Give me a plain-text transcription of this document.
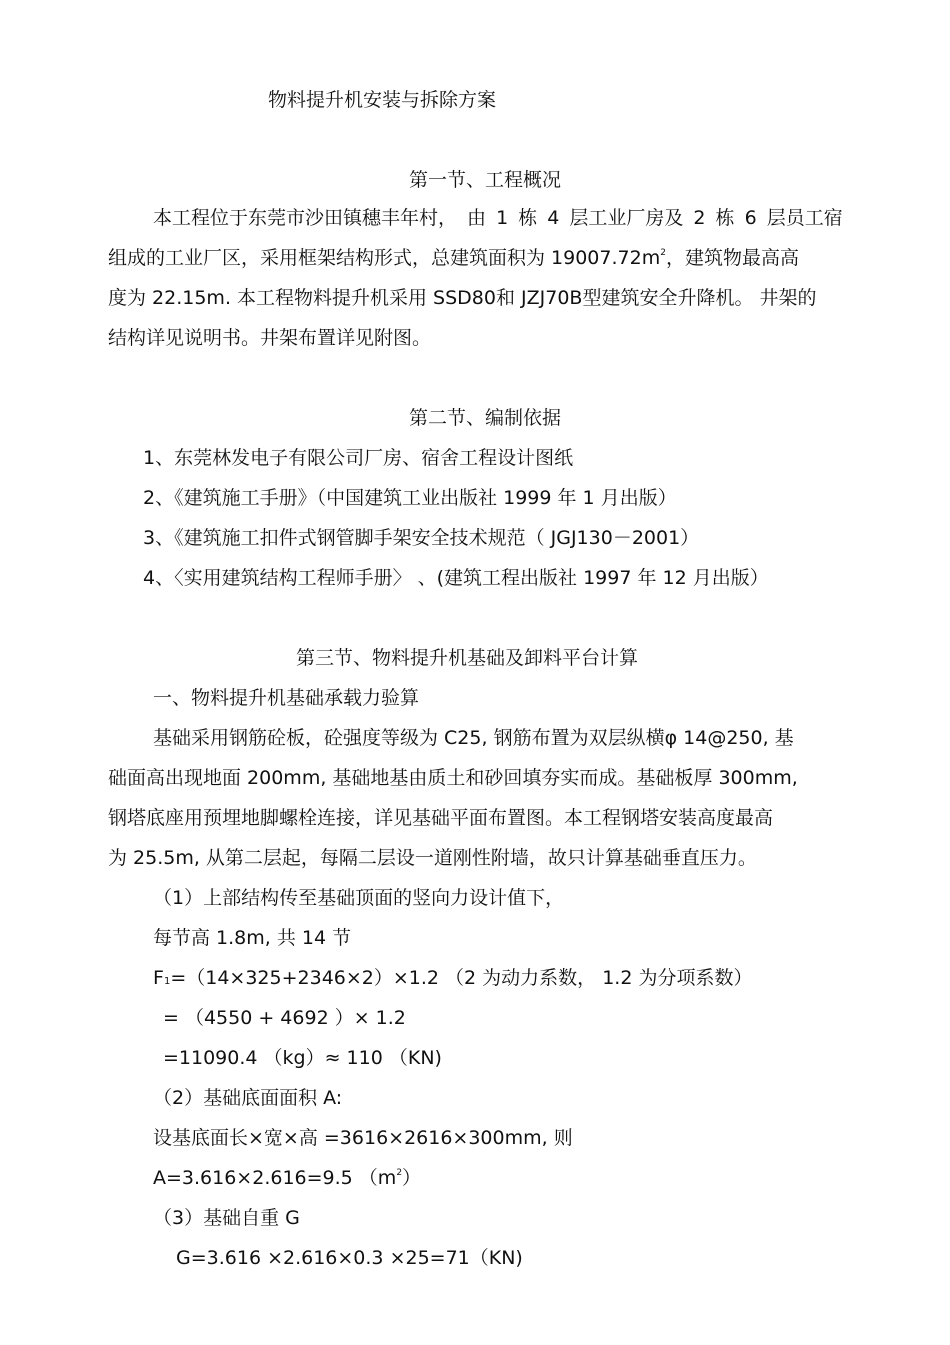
物料提升机安装与拆除方案
第一节、工程概况
本工程位于东莞市沙田镇穗丰年村， 由 1 栋 4 层工业厂房及 2 栋 6 层员工宿
组成的工业厂区，采用框架结构形式，总建筑面积为 $19007.72m^2$，建筑物最高高
度为 22.15m. 本工程物料提升机采用 SSD80和 JZJ70B型建筑安全升降机。 井架的
结构详见说明书。井架布置详见附图。
第二节、编制依据
1、东莞林发电子有限公司厂房、宿舍工程设计图纸
2、《建筑施工手册》（中国建筑工业出版社 1999 年 1 月出版）
3、《建筑施工扣件式钢管脚手架安全技术规范（ JGJ130－2001）
4、〈实用建筑结构工程师手册〉 、(建筑工程出版社 1997 年 12 月出版）
第三节、物料提升机基础及卸料平台计算
一、物料提升机基础承载力验算
基础采用钢筋砼板，砼强度等级为 C25, 钢筋布置为双层纵横φ 14@250, 基
础面高出现地面 200mm, 基础地基由质土和砂回填夯实而成。基础板厚 300mm,
钢塔底座用预埋地脚螺栓连接，详见基础平面布置图。本工程钢塔安装高度最高
为 25.5m, 从第二层起，每隔二层设一道刚性附墙，故只计算基础垂直压力。
（1）上部结构传至基础顶面的竖向力设计值下，
每节高 1.8m, 共 14 节
F1=（14×325+2346×2）×1.2 （2 为动力系数， 1.2 为分项系数）
= （4550 + 4692 ）× 1.2
=11090.4 （kg）≈ 110 （KN)
（2）基础底面面积 A:
设基底面长×宽×高 =3616×2616×300mm, 则
A=3.616×2.616=9.5 $(m^2)$
（3）基础自重 G
G=3.616 ×2.616×0.3 ×25=71（KN)
